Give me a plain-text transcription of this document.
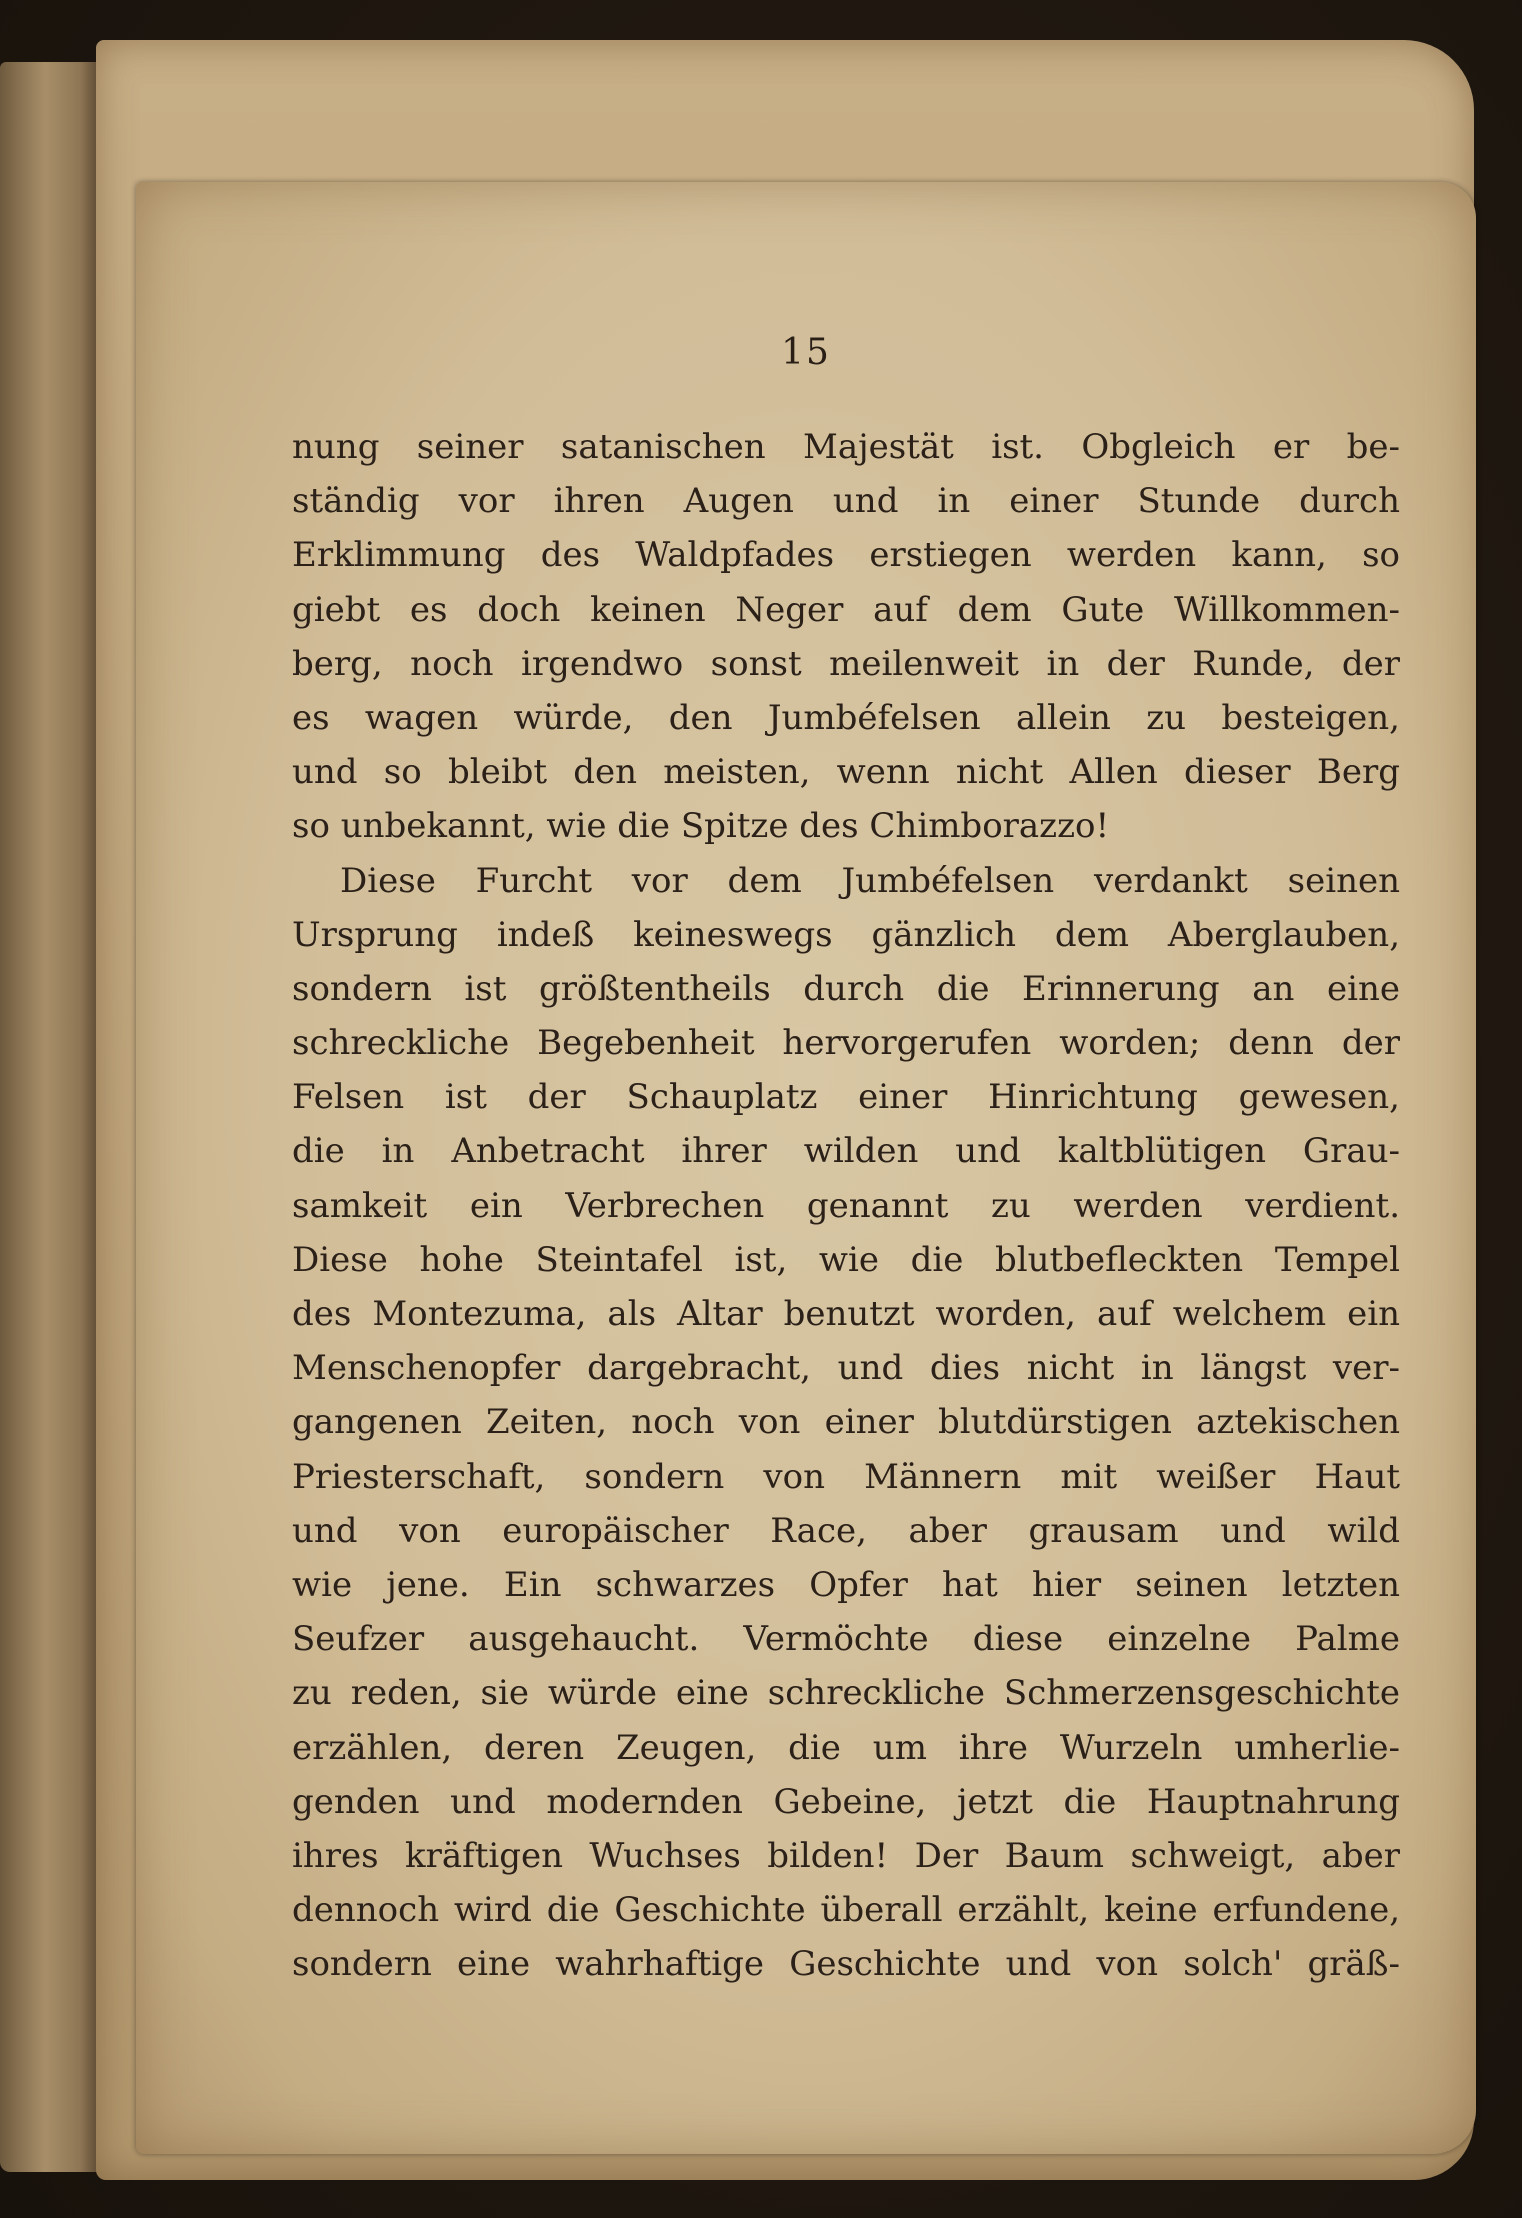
15
nung seiner satanischen Majestät ist. Obgleich er be-
ständig vor ihren Augen und in einer Stunde durch
Erklimmung des Waldpfades erstiegen werden kann, so
giebt es doch keinen Neger auf dem Gute Willkommen-
berg, noch irgendwo sonst meilenweit in der Runde, der
es wagen würde, den Jumbéfelsen allein zu besteigen,
und so bleibt den meisten, wenn nicht Allen dieser Berg
so unbekannt, wie die Spitze des Chimborazzo!
Diese Furcht vor dem Jumbéfelsen verdankt seinen
Ursprung indeß keineswegs gänzlich dem Aberglauben,
sondern ist größtentheils durch die Erinnerung an eine
schreckliche Begebenheit hervorgerufen worden; denn der
Felsen ist der Schauplatz einer Hinrichtung gewesen,
die in Anbetracht ihrer wilden und kaltblütigen Grau-
samkeit ein Verbrechen genannt zu werden verdient.
Diese hohe Steintafel ist, wie die blutbefleckten Tempel
des Montezuma, als Altar benutzt worden, auf welchem ein
Menschenopfer dargebracht, und dies nicht in längst ver-
gangenen Zeiten, noch von einer blutdürstigen aztekischen
Priesterschaft, sondern von Männern mit weißer Haut
und von europäischer Race, aber grausam und wild
wie jene. Ein schwarzes Opfer hat hier seinen letzten
Seufzer ausgehaucht. Vermöchte diese einzelne Palme
zu reden, sie würde eine schreckliche Schmerzensgeschichte
erzählen, deren Zeugen, die um ihre Wurzeln umherlie-
genden und modernden Gebeine, jetzt die Hauptnahrung
ihres kräftigen Wuchses bilden! Der Baum schweigt, aber
dennoch wird die Geschichte überall erzählt, keine erfundene,
sondern eine wahrhaftige Geschichte und von solch' gräß-
